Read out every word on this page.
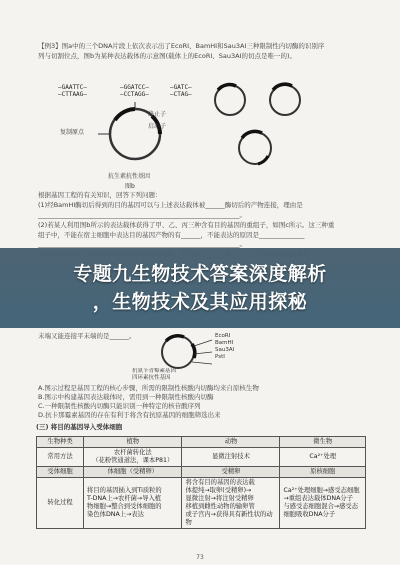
【例3】图a中的三个DNA片段上依次表示出了EcoRⅠ、BamHⅠ和Sau3AⅠ三种限制性内切酶的识别序
列与切割位点，图b为某种表达载体的示意图(载体上的EcoRⅠ、Sau3AⅠ的切点是唯一的)。

—GAATTC—
—CTTAAG—

—GGATCC—
—CCTAGG—

—GATC—
—CTAG—

复制原点
终止子
启动子
抗生素抗性基因
图b
根据基因工程的有关知识，回答下列问题：
(1)经BamHⅠ酶切后得到的目的基因可以与上述表达载体被______酶切后的产物连接，理由是
______________________________________________________________。
(2)若某人利用图b所示的表达载体获得了甲、乙、丙三种含有目的基因的重组子，如图c所示。这三种重
组子中，不能在宿主细胞中表达目的基因产物的有______，不能表达的原因是______________
______________________________________________________________。
专题九生物技术答案深度解析
，生物技术及其应用探秘
末端又能连接平末端的是______。	EcoRⅠ
BamHⅠ
Sau3AⅠ
PstⅠ
抗氨苄青霉素基因
四环素抗性基因
A.图示过程是基因工程的核心步骤，所需的限制性核酸内切酶均来自原核生物
B.图示中构建基因表达载体时，需用到一种限制性核酸内切酶
C.一种限制性核酸内切酶只能识别一种特定的核苷酸序列
D.抗卡那霉素基因的存在有利于将含有抗原基因的细胞筛选出来
(三) 将目的基因导入受体细胞
生物种类	植物	动物	微生物
常用方法	农杆菌转化法
（花粉管通道法，课本P81）	显微注射技术	Ca²⁺处理
受体细胞	体细胞（受精卵）	受精卵	原核细胞
转化过程	将目的基因插入到Ti质粒的
T-DNA上→农杆菌→导入植
物细胞→整合到受体细胞的
染色体DNA上→表达	将含有目的基因的表达载
体提纯→取卵(受精卵)→
显微注射→将注射受精卵
移植到雌性动物的输卵管
或子宫内→获得具有新性状的动物	Ca²⁺处理细胞→感受态细胞
→重组表达载体DNA分子
与感受态细胞混合→感受态
细胞吸收DNA分子
73
